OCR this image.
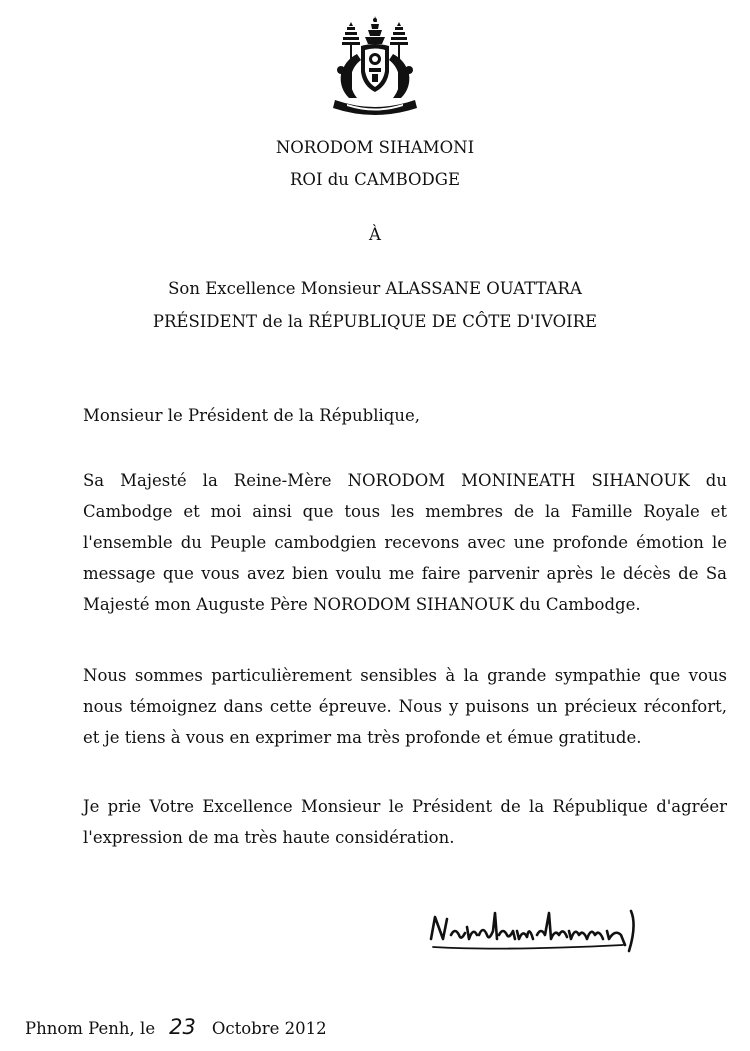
NORODOM SIHAMONI
ROI du CAMBODGE
À
Son Excellence Monsieur ALASSANE OUATTARA
PRÉSIDENT de la RÉPUBLIQUE DE CÔTE D'IVOIRE
Monsieur le Président de la République,
Sa Majesté la Reine-Mère NORODOM MONINEATH SIHANOUK du Cambodge et moi ainsi que tous les membres de la Famille Royale et l'ensemble du Peuple cambodgien recevons avec une profonde émotion le message que vous avez bien voulu me faire parvenir après le décès de Sa Majesté mon Auguste Père NORODOM SIHANOUK du Cambodge.
Nous sommes particulièrement sensibles à la grande sympathie que vous nous témoignez dans cette épreuve. Nous y puisons un précieux réconfort, et je tiens à vous en exprimer ma très profonde et émue gratitude.
Je prie Votre Excellence Monsieur le Président de la République d'agréer l'expression de ma très haute considération.
Phnom Penh, le 23 Octobre 2012
